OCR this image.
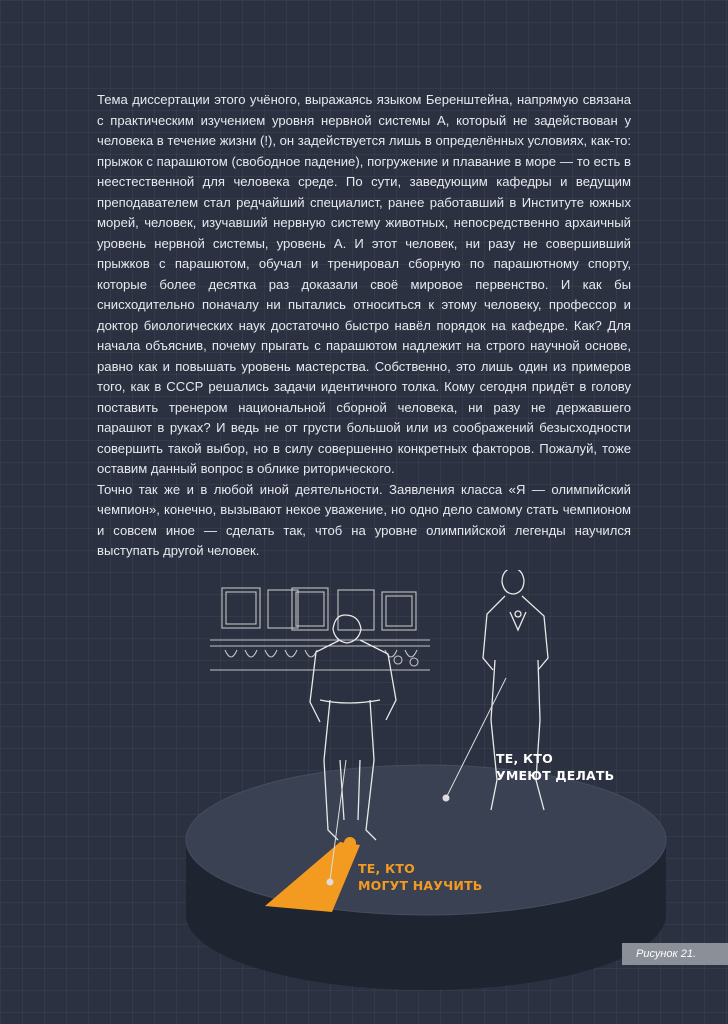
Тема диссертации этого учёного, выражаясь языком Беренштейна, напрямую связана с практическим изучением уровня нервной системы А, который не задействован у человека в течение жизни (!), он задействуется лишь в определённых условиях, как-то: прыжок с парашютом (свободное падение), погружение и плавание в море — то есть в неестественной для человека среде. По сути, заведующим кафедры и ведущим преподавателем стал редчайший специалист, ранее работавший в Институте южных морей, человек, изучавший нервную систему животных, непосредственно архаичный уровень нервной системы, уровень А. И этот человек, ни разу не совершивший прыжков с парашютом, обучал и тренировал сборную по парашютному спорту, которые более десятка раз доказали своё мировое первенство. И как бы снисходительно поначалу ни пытались относиться к этому человеку, профессор и доктор биологических наук достаточно быстро навёл порядок на кафедре. Как? Для начала объяснив, почему прыгать с парашютом надлежит на строго научной основе, равно как и повышать уровень мастерства. Собственно, это лишь один из примеров того, как в СССР решались задачи идентичного толка. Кому сегодня придёт в голову поставить тренером национальной сборной человека, ни разу не державшего парашют в руках? И ведь не от грусти большой или из соображений безысходности совершить такой выбор, но в силу совершенно конкретных факторов. Пожалуй, тоже оставим данный вопрос в облике риторического.

Точно так же и в любой иной деятельности. Заявления класса «Я — олимпийский чемпион», конечно, вызывают некое уважение, но одно дело самому стать чемпионом и совсем иное — сделать так, чтоб на уровне олимпийской легенды научился выступать другой человек.

ТЕ, КТО
УМЕЮТ ДЕЛАТЬ
ТЕ, КТО
МОГУТ НАУЧИТЬ
Рисунок 21.
